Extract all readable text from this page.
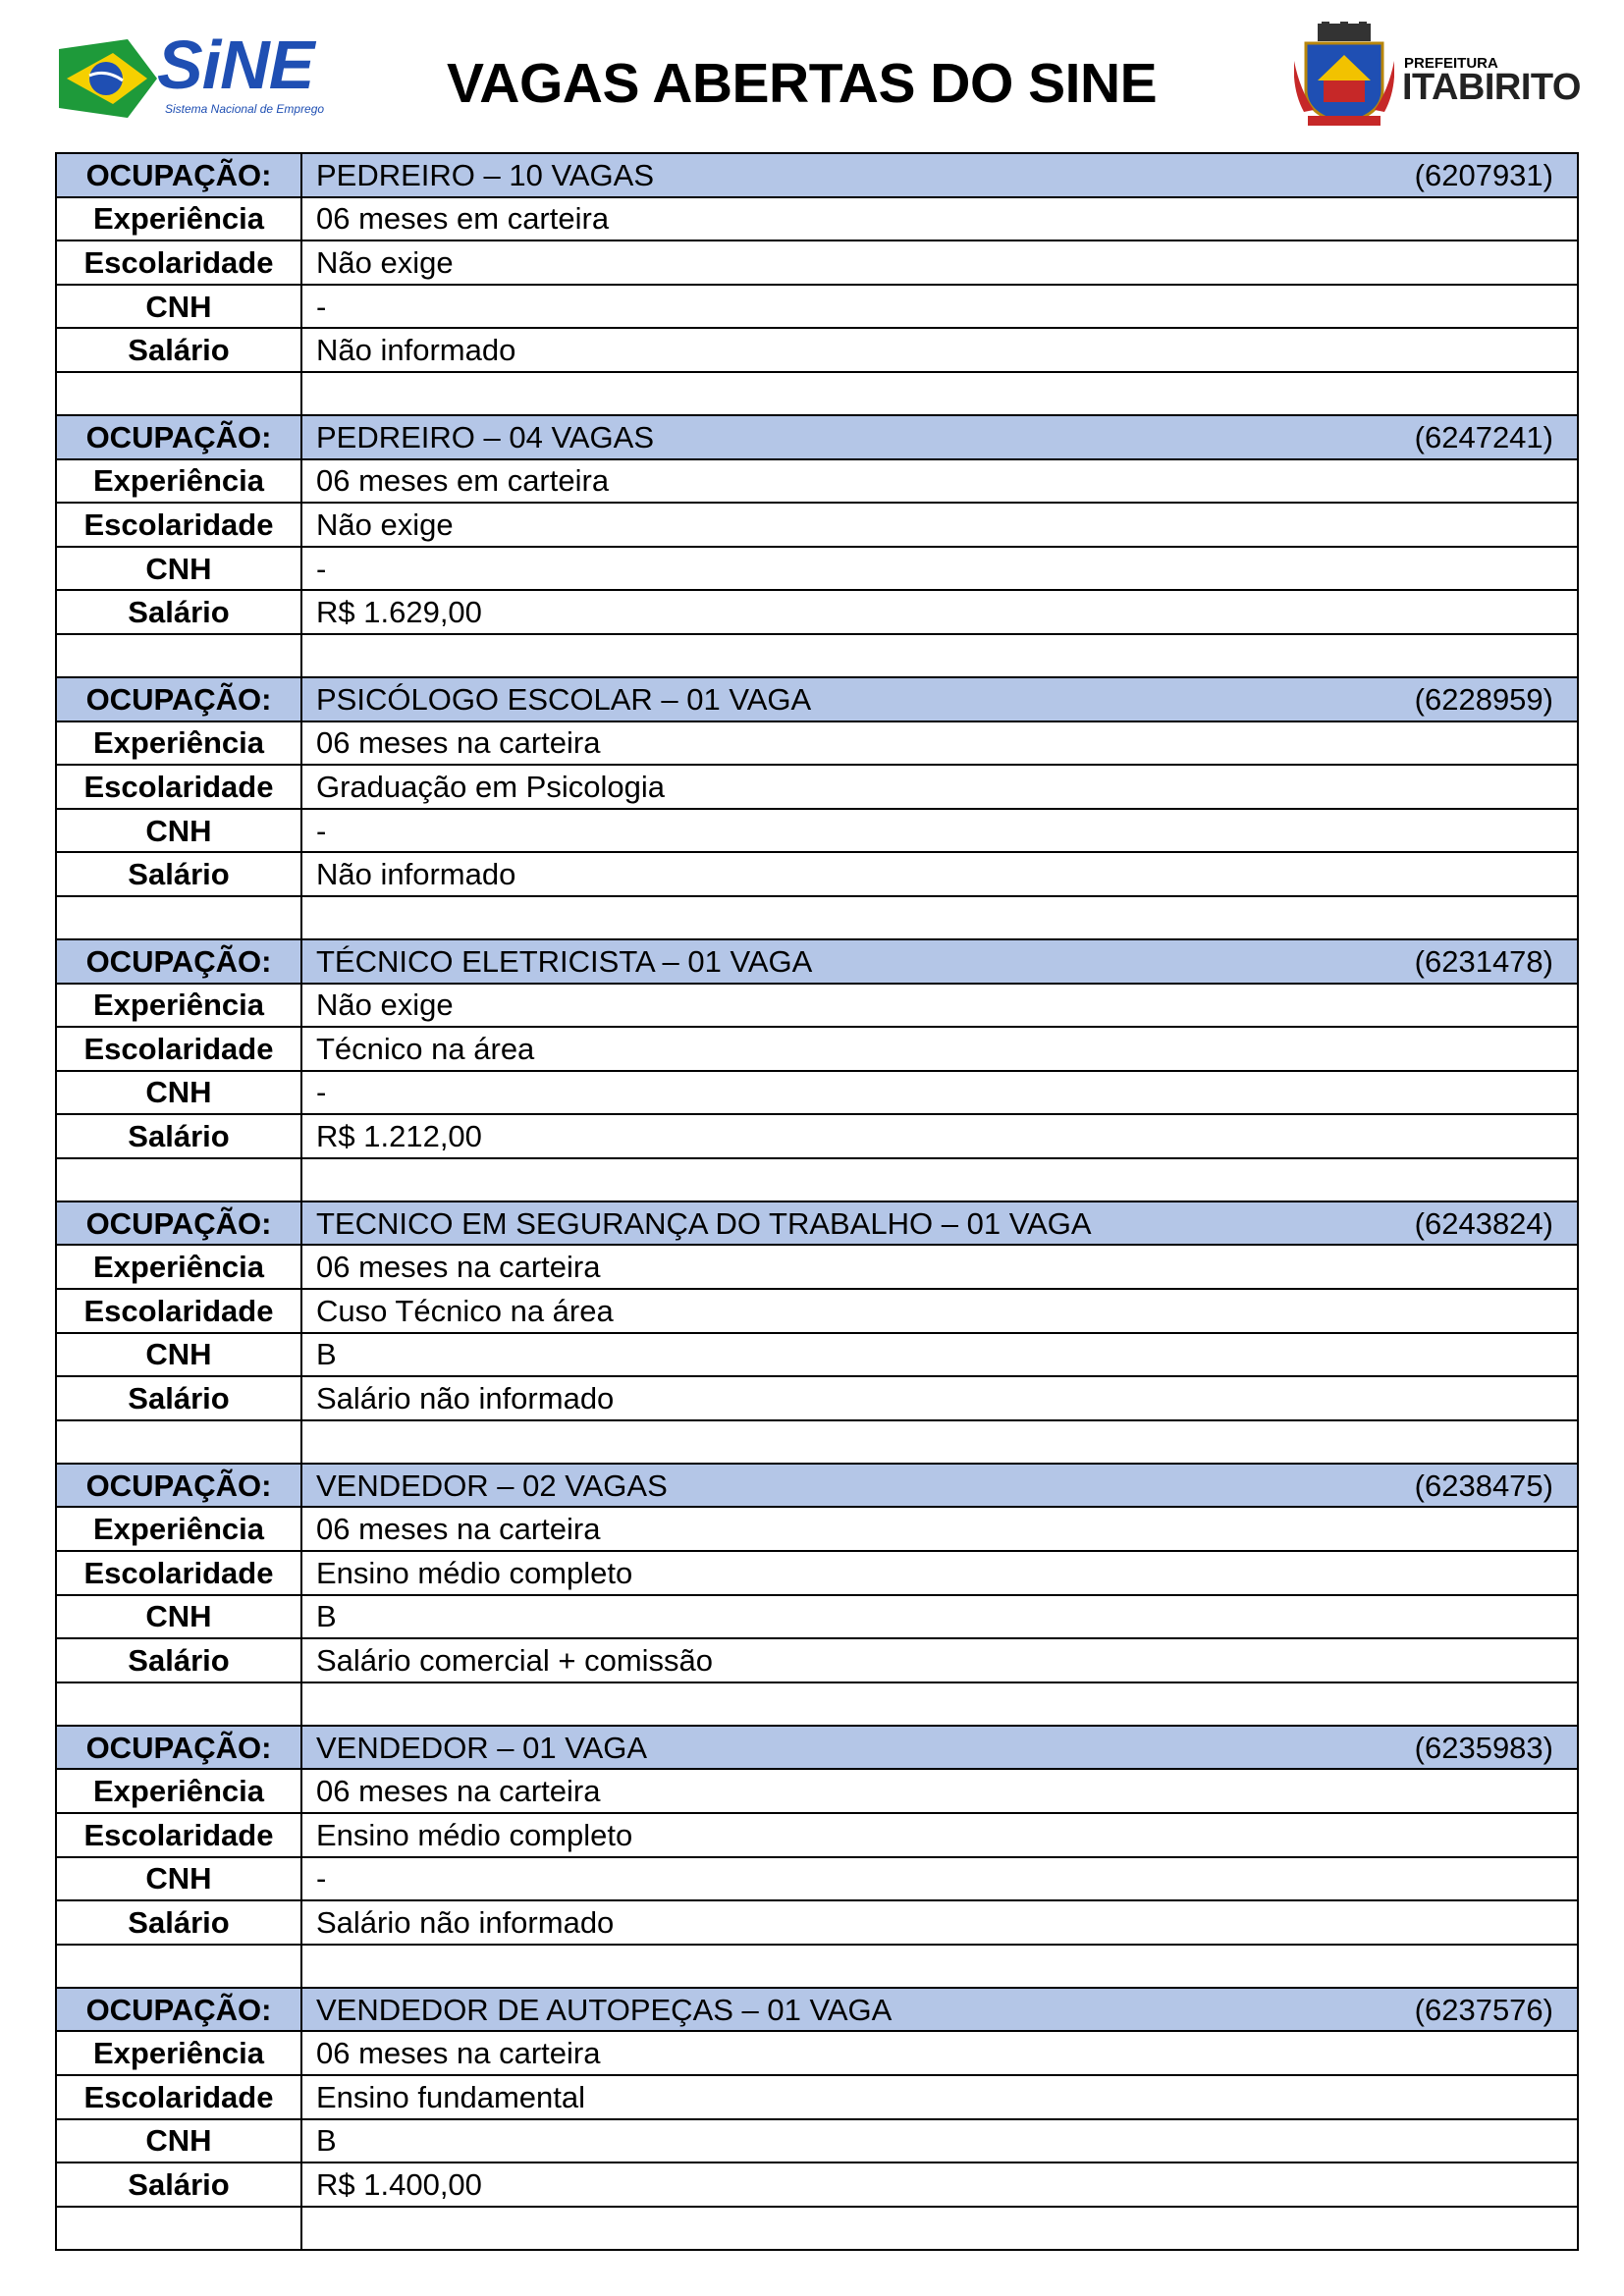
SiNE
Sistema Nacional de Emprego VAGAS ABERTAS DO SINE	PREFEITURA
ITABIRITO
OCUPAÇÃO:	PEDREIRO – 10 VAGAS (6207931)

Experiência	06 meses em carteira
Escolaridade	Não exige
CNH	-
Salário	Não informado

OCUPAÇÃO:	PEDREIRO – 04 VAGAS (6247241)

Experiência	06 meses em carteira
Escolaridade	Não exige
CNH	-
Salário	R$ 1.629,00

OCUPAÇÃO:	PSICÓLOGO ESCOLAR – 01 VAGA (6228959)

Experiência	06 meses na carteira
Escolaridade	Graduação em Psicologia
CNH	-
Salário	Não informado

OCUPAÇÃO:	TÉCNICO ELETRICISTA – 01 VAGA (6231478)

Experiência	Não exige
Escolaridade	Técnico na área
CNH	-
Salário	R$ 1.212,00

OCUPAÇÃO:	TECNICO EM SEGURANÇA DO TRABALHO – 01 VAGA (6243824)

Experiência	06 meses na carteira
Escolaridade	Cuso Técnico na área
CNH	B
Salário	Salário não informado

OCUPAÇÃO:	VENDEDOR – 02 VAGAS (6238475)

Experiência	06 meses na carteira
Escolaridade	Ensino médio completo
CNH	B
Salário	Salário comercial + comissão

OCUPAÇÃO:	VENDEDOR – 01 VAGA (6235983)

Experiência	06 meses na carteira
Escolaridade	Ensino médio completo
CNH	-
Salário	Salário não informado

OCUPAÇÃO:	VENDEDOR DE AUTOPEÇAS – 01 VAGA (6237576)

Experiência	06 meses na carteira
Escolaridade	Ensino fundamental
CNH	B
Salário	R$ 1.400,00
